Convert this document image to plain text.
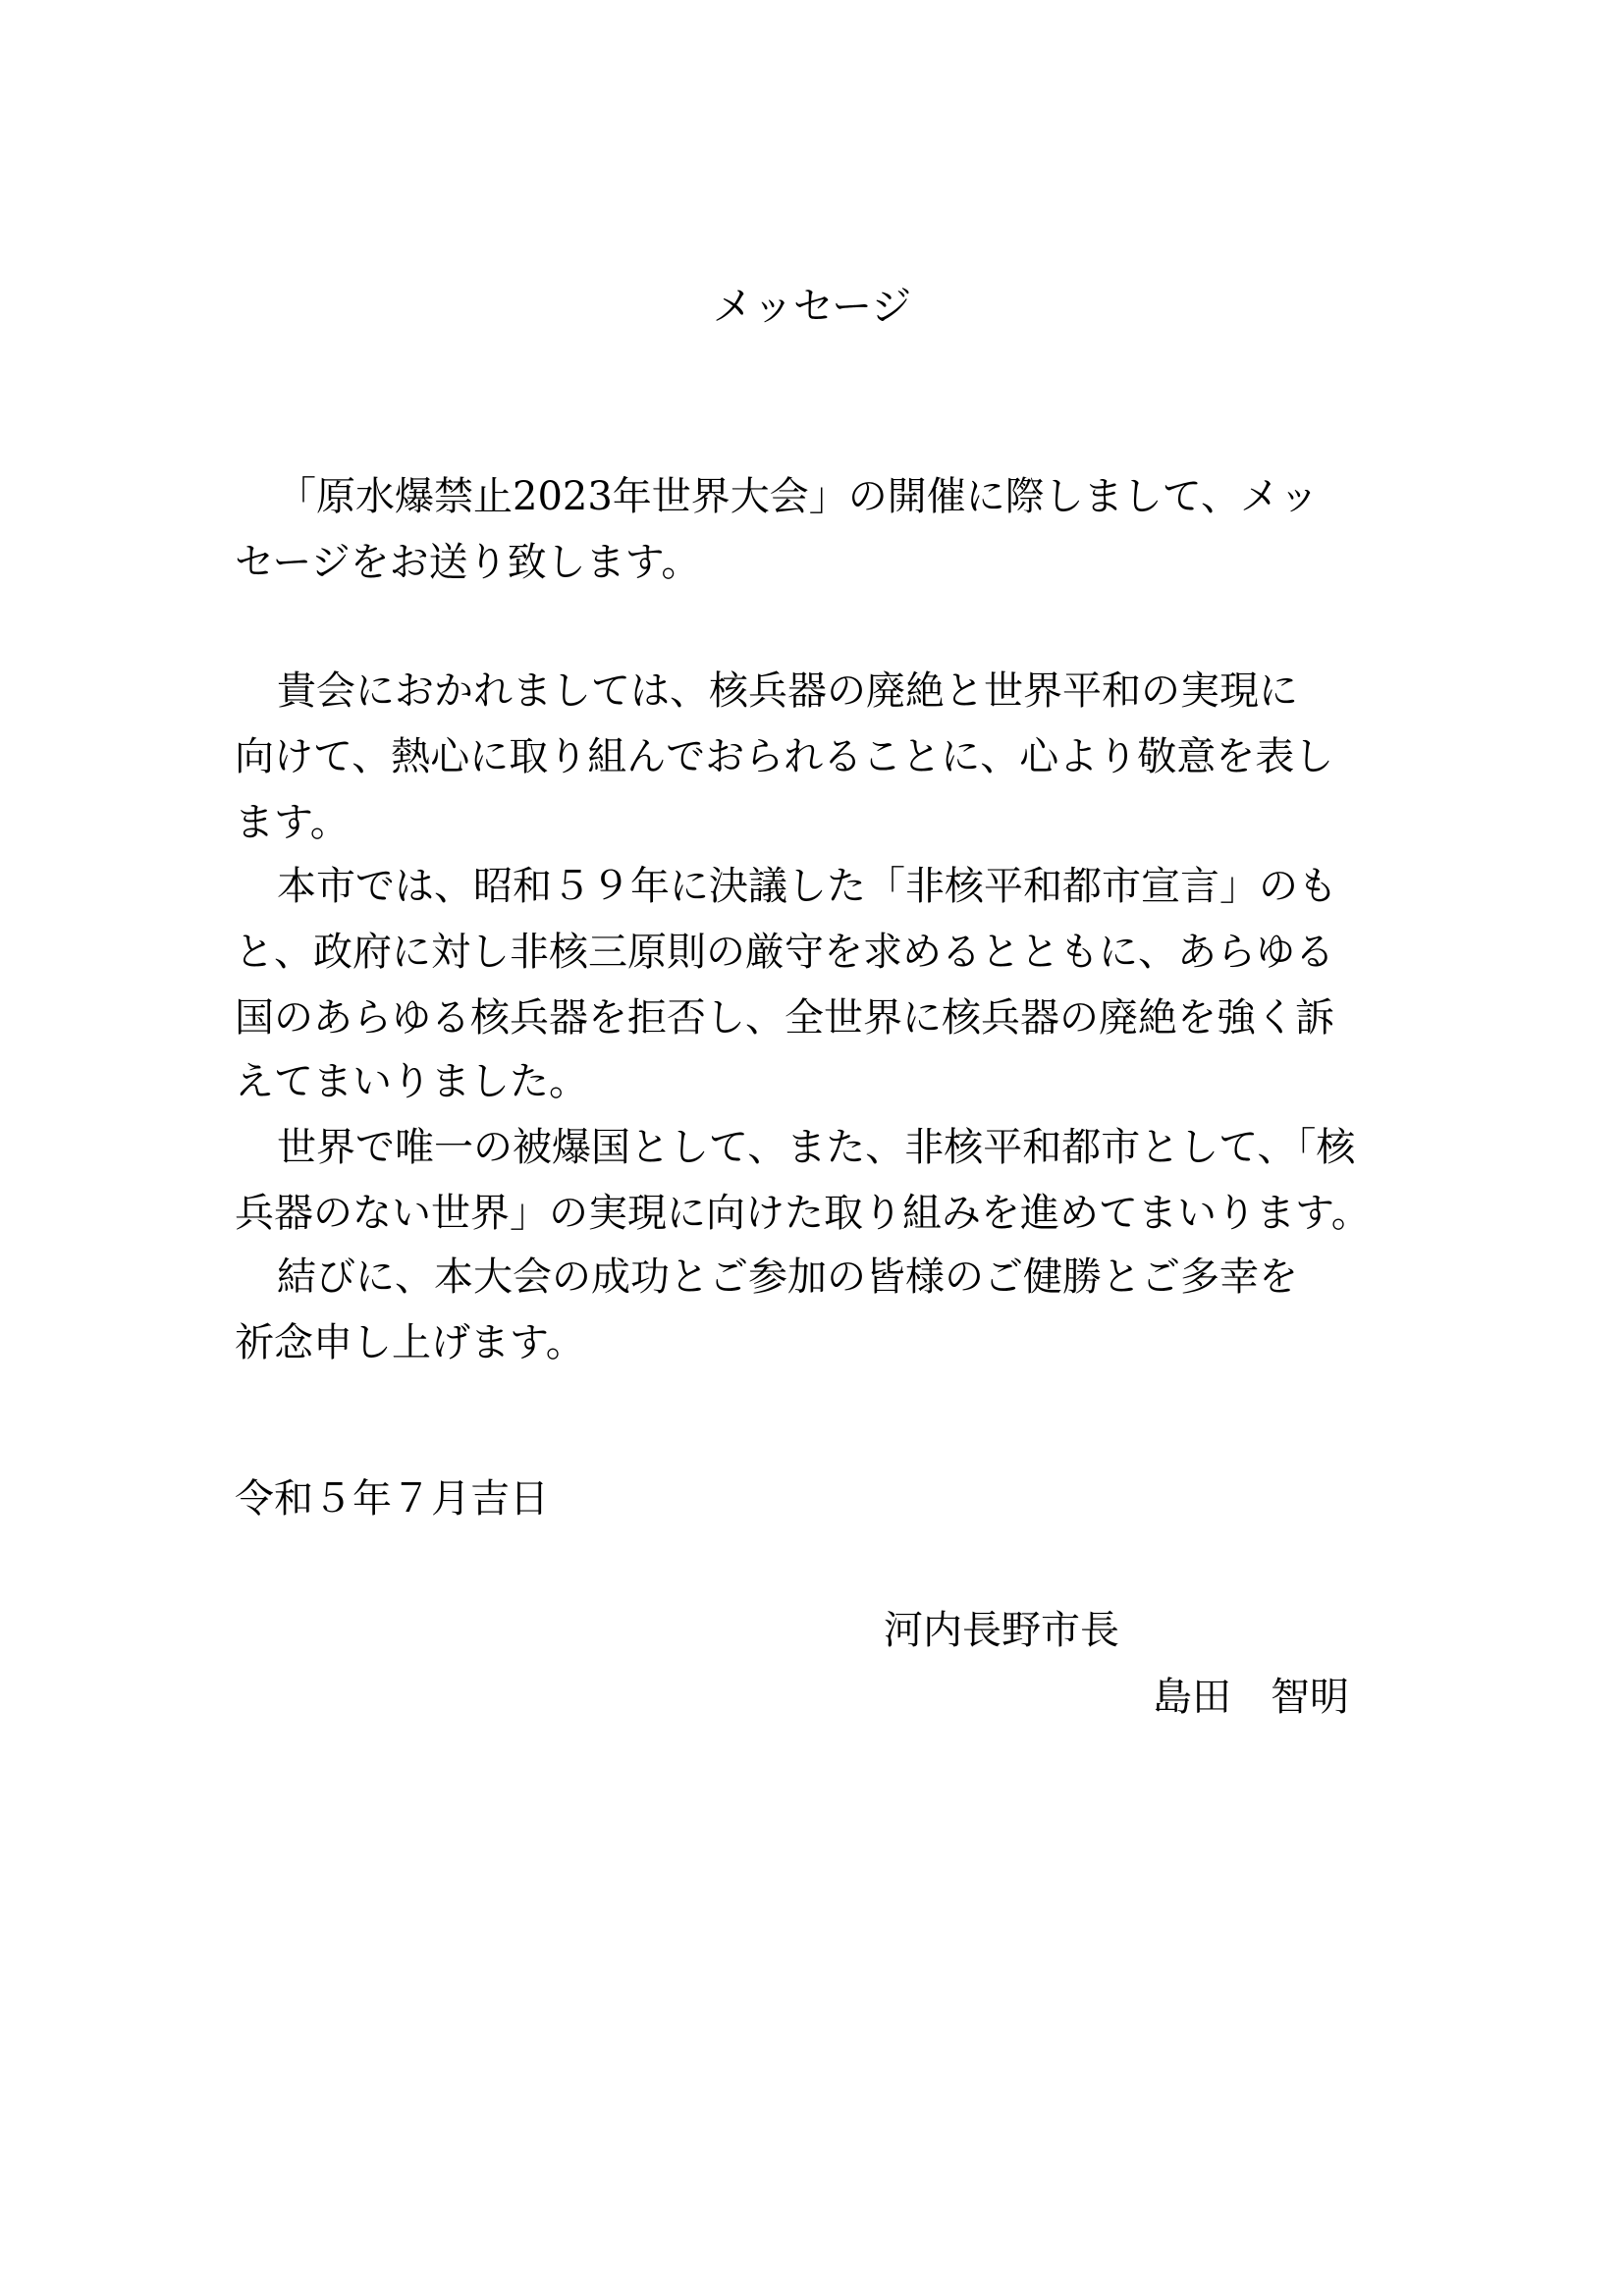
メッセージ
「原水爆禁止2023年世界大会」の開催に際しまして、メッ
セージをお送り致します。
貴会におかれましては、核兵器の廃絶と世界平和の実現に
向けて、熱心に取り組んでおられることに、心より敬意を表し
ます。
本市では、昭和５９年に決議した「非核平和都市宣言」のも
と、政府に対し非核三原則の厳守を求めるとともに、あらゆる
国のあらゆる核兵器を拒否し、全世界に核兵器の廃絶を強く訴
えてまいりました。
世界で唯一の被爆国として、また、非核平和都市として、「核
兵器のない世界」の実現に向けた取り組みを進めてまいります。
結びに、本大会の成功とご参加の皆様のご健勝とご多幸を
祈念申し上げます。
令和５年７月吉日
河内長野市長
島田　智明
